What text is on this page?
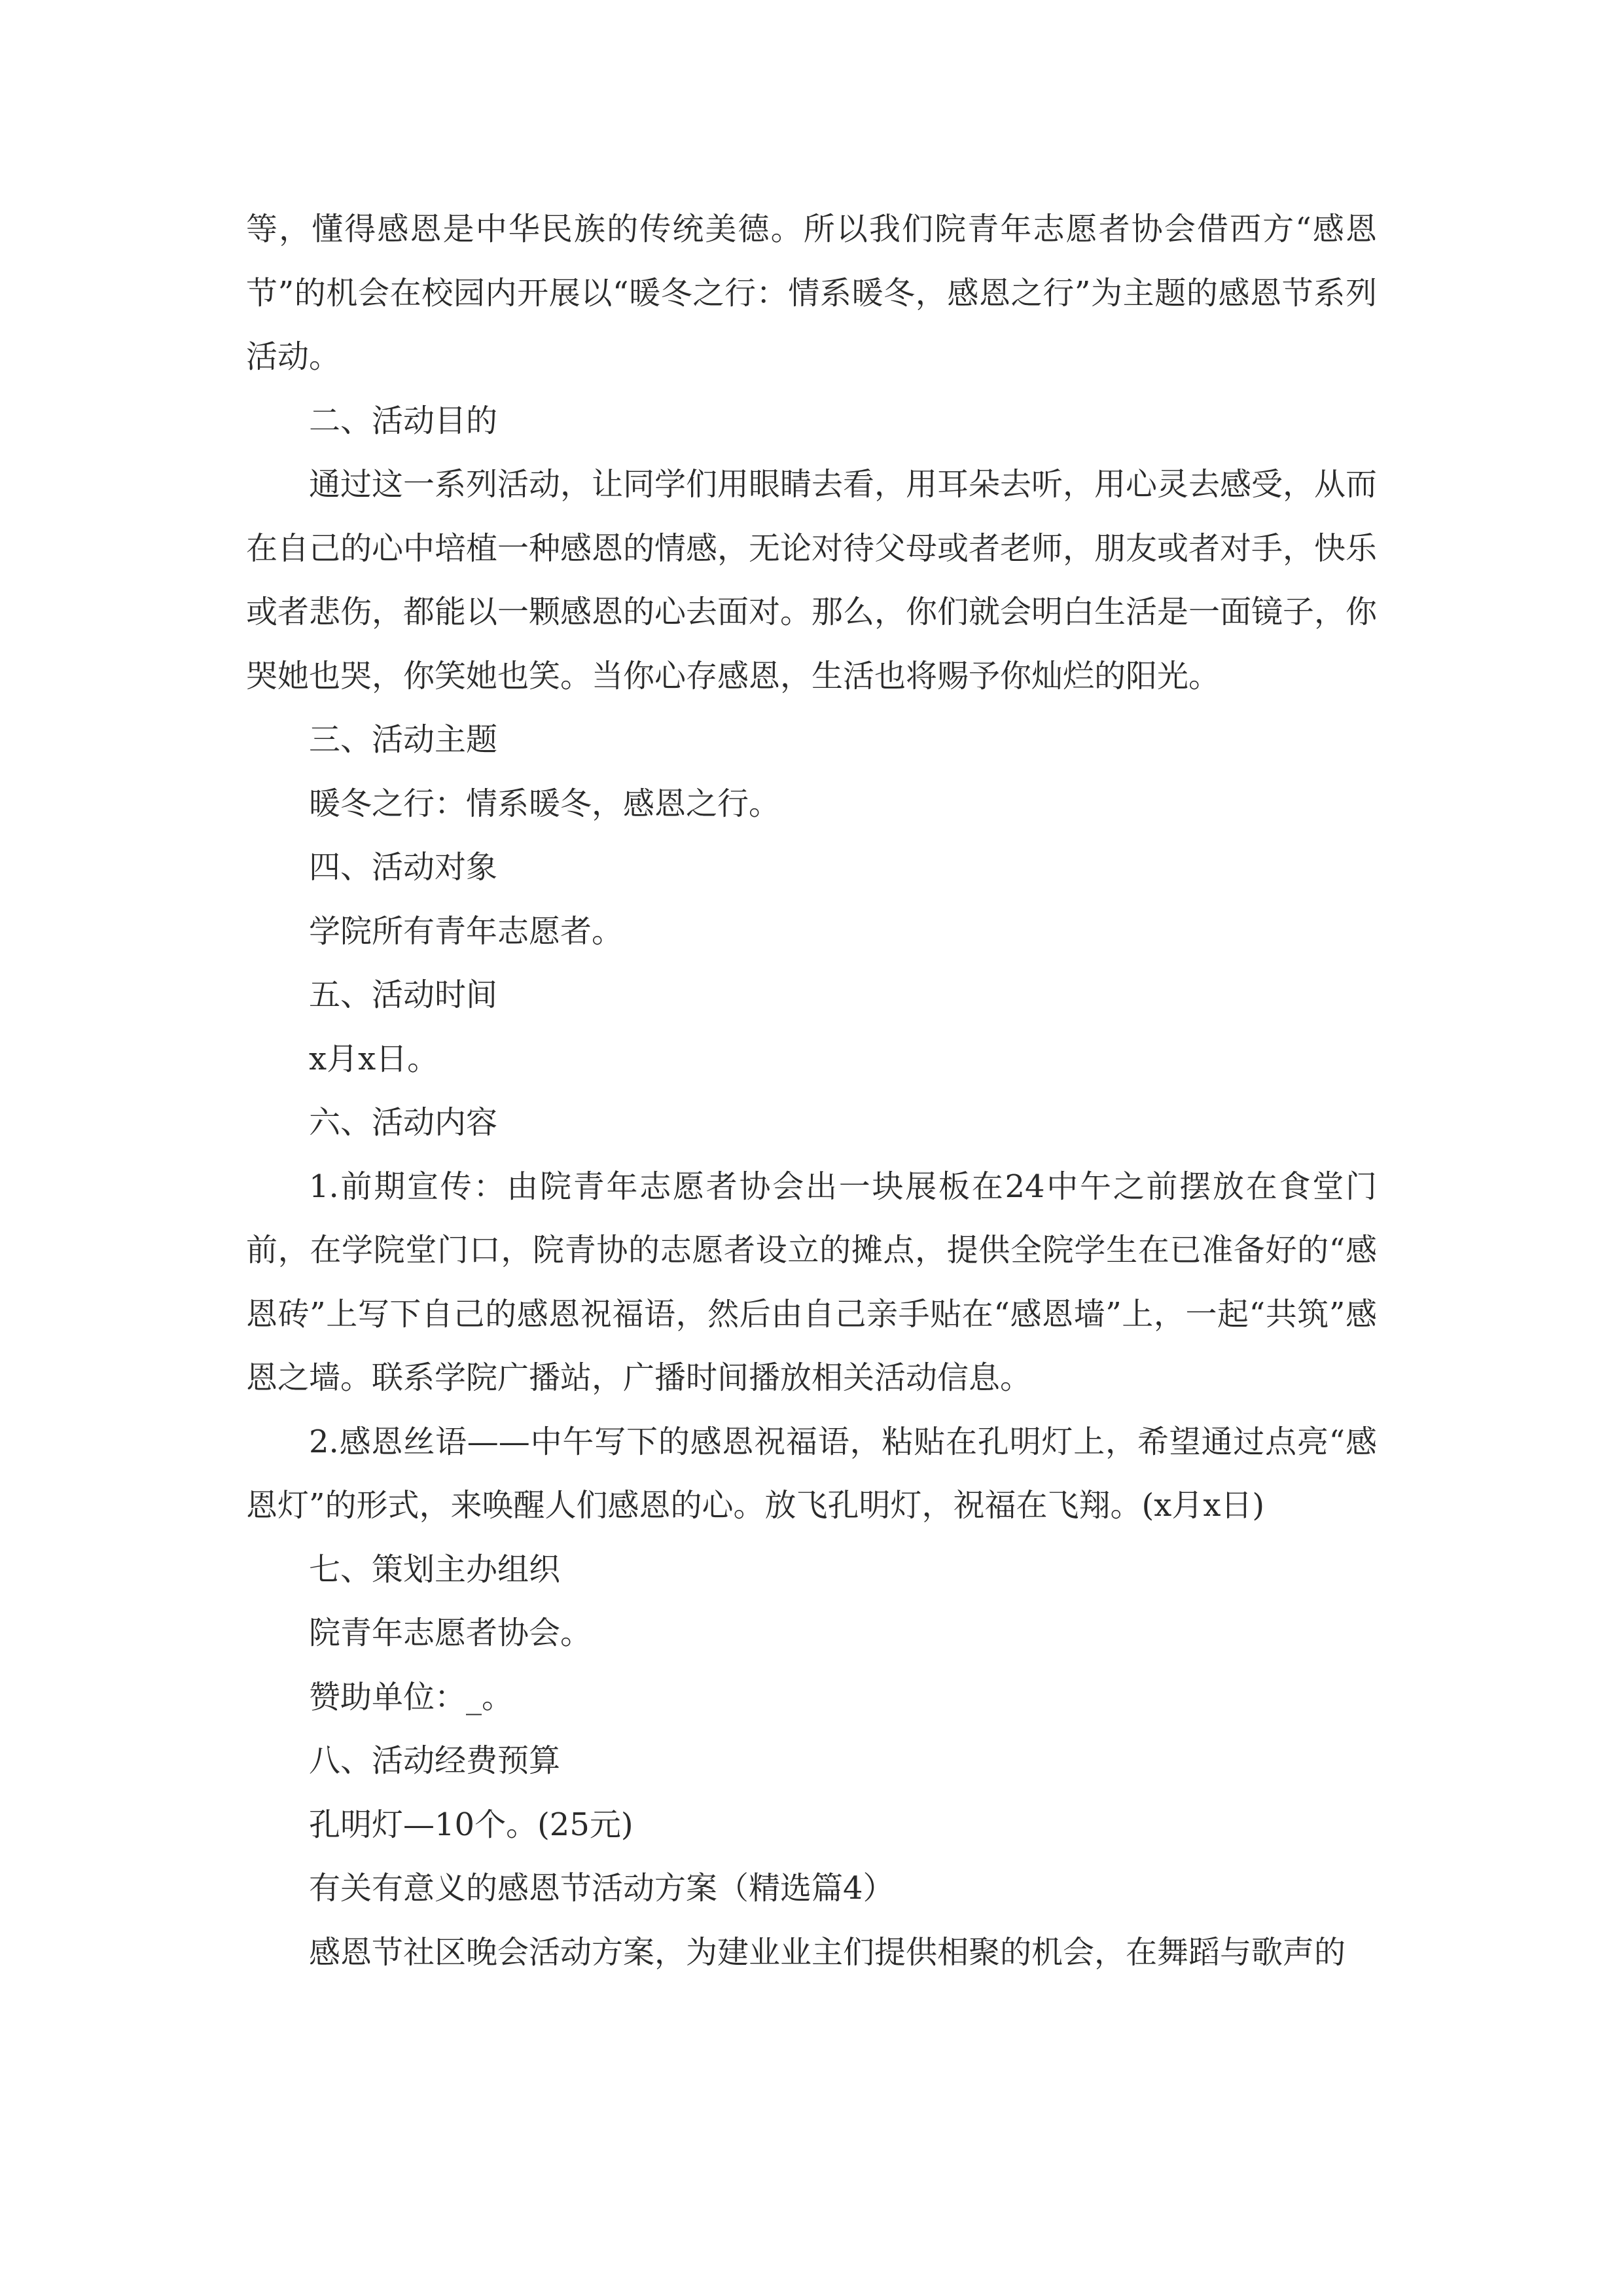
等，懂得感恩是中华民族的传统美德。所以我们院青年志愿者协会借西方“感恩节”的机会在校园内开展以“暖冬之行：情系暖冬，感恩之行”为主题的感恩节系列活动。

二、活动目的

通过这一系列活动，让同学们用眼睛去看，用耳朵去听，用心灵去感受，从而在自己的心中培植一种感恩的情感，无论对待父母或者老师，朋友或者对手，快乐或者悲伤，都能以一颗感恩的心去面对。那么，你们就会明白生活是一面镜子，你哭她也哭，你笑她也笑。当你心存感恩，生活也将赐予你灿烂的阳光。

三、活动主题

暖冬之行：情系暖冬，感恩之行。

四、活动对象

学院所有青年志愿者。

五、活动时间

x月x日。

六、活动内容

1.前期宣传：由院青年志愿者协会出一块展板在24中午之前摆放在食堂门前，在学院堂门口，院青协的志愿者设立的摊点，提供全院学生在已准备好的“感恩砖”上写下自己的感恩祝福语，然后由自己亲手贴在“感恩墙”上，一起“共筑”感恩之墙。联系学院广播站，广播时间播放相关活动信息。

2.感恩丝语——中午写下的感恩祝福语，粘贴在孔明灯上，希望通过点亮“感恩灯”的形式，来唤醒人们感恩的心。放飞孔明灯，祝福在飞翔。(x月x日)

七、策划主办组织

院青年志愿者协会。

赞助单位：_。

八、活动经费预算

孔明灯—10个。(25元)

有关有意义的感恩节活动方案（精选篇4）

感恩节社区晚会活动方案，为建业业主们提供相聚的机会，在舞蹈与歌声的
